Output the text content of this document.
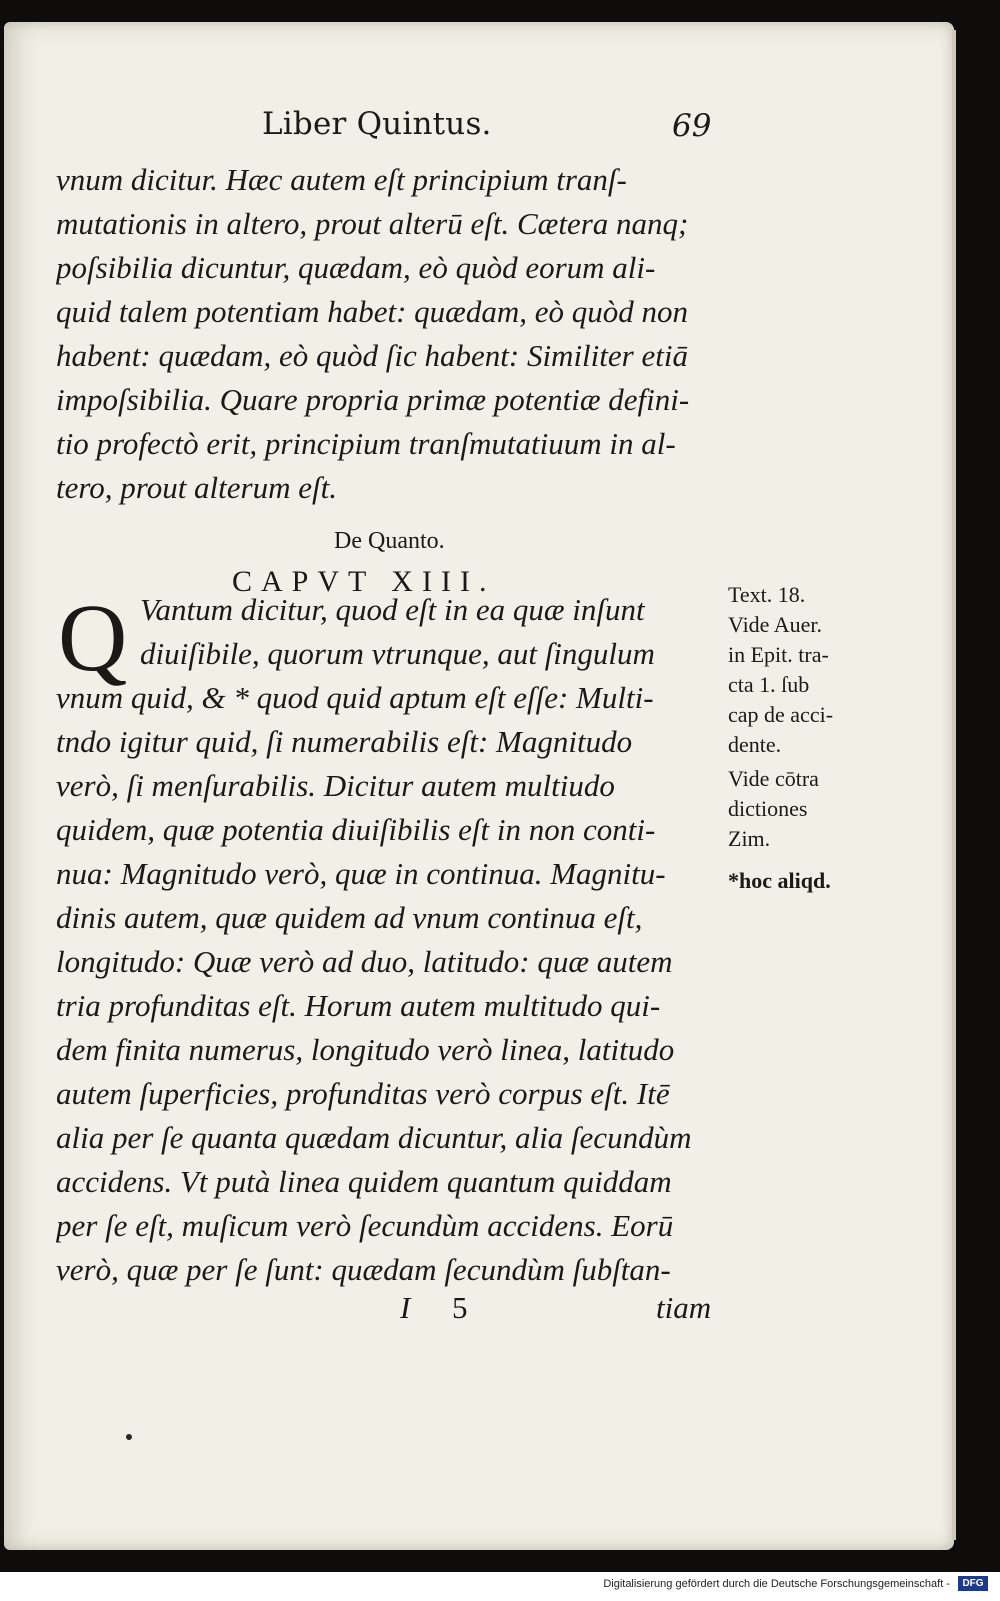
Liber Quintus.	69
vnum dicitur. Hæc autem eſt principium tranſ-
mutationis in altero, prout alterū eſt. Cætera nanq;
poſsibilia dicuntur, quædam, eò quòd eorum ali-
quid talem potentiam habet: quædam, eò quòd non
habent: quædam, eò quòd ſic habent: Similiter etiā
impoſsibilia. Quare propria primæ potentiæ defini-
tio profectò erit, principium tranſmutatiuum in al-
tero, prout alterum eſt.
De Quanto.
CAPVT XIII.
Q Vantum dicitur, quod eſt in ea quæ inſunt
diuiſibile, quorum vtrunque, aut ſingulum
vnum quid, & * quod quid aptum eſt eſſe: Multi-
tndo igitur quid, ſi numerabilis eſt: Magnitudo
verò, ſi menſurabilis. Dicitur autem multiudo
quidem, quæ potentia diuiſibilis eſt in non conti-
nua: Magnitudo verò, quæ in continua. Magnitu-
dinis autem, quæ quidem ad vnum continua eſt,
longitudo: Quæ verò ad duo, latitudo: quæ autem
tria profunditas eſt. Horum autem multitudo qui-
dem finita numerus, longitudo verò linea, latitudo
autem ſuperficies, profunditas verò corpus eſt. Itē
alia per ſe quanta quædam dicuntur, alia ſecundùm
accidens. Vt putà linea quidem quantum quiddam
per ſe eſt, muſicum verò ſecundùm accidens. Eorū
verò, quæ per ſe ſunt: quædam ſecundùm ſubſtan-
Text. 18.
Vide Auer.
in Epit. tra-
cta 1. ſub
cap de acci-
dente.
Vide cōtra
dictiones
Zim.
*hoc aliqd.
I 5	tiam
Digitalisierung gefördert durch die Deutsche Forschungsgemeinschaft -	DFG
